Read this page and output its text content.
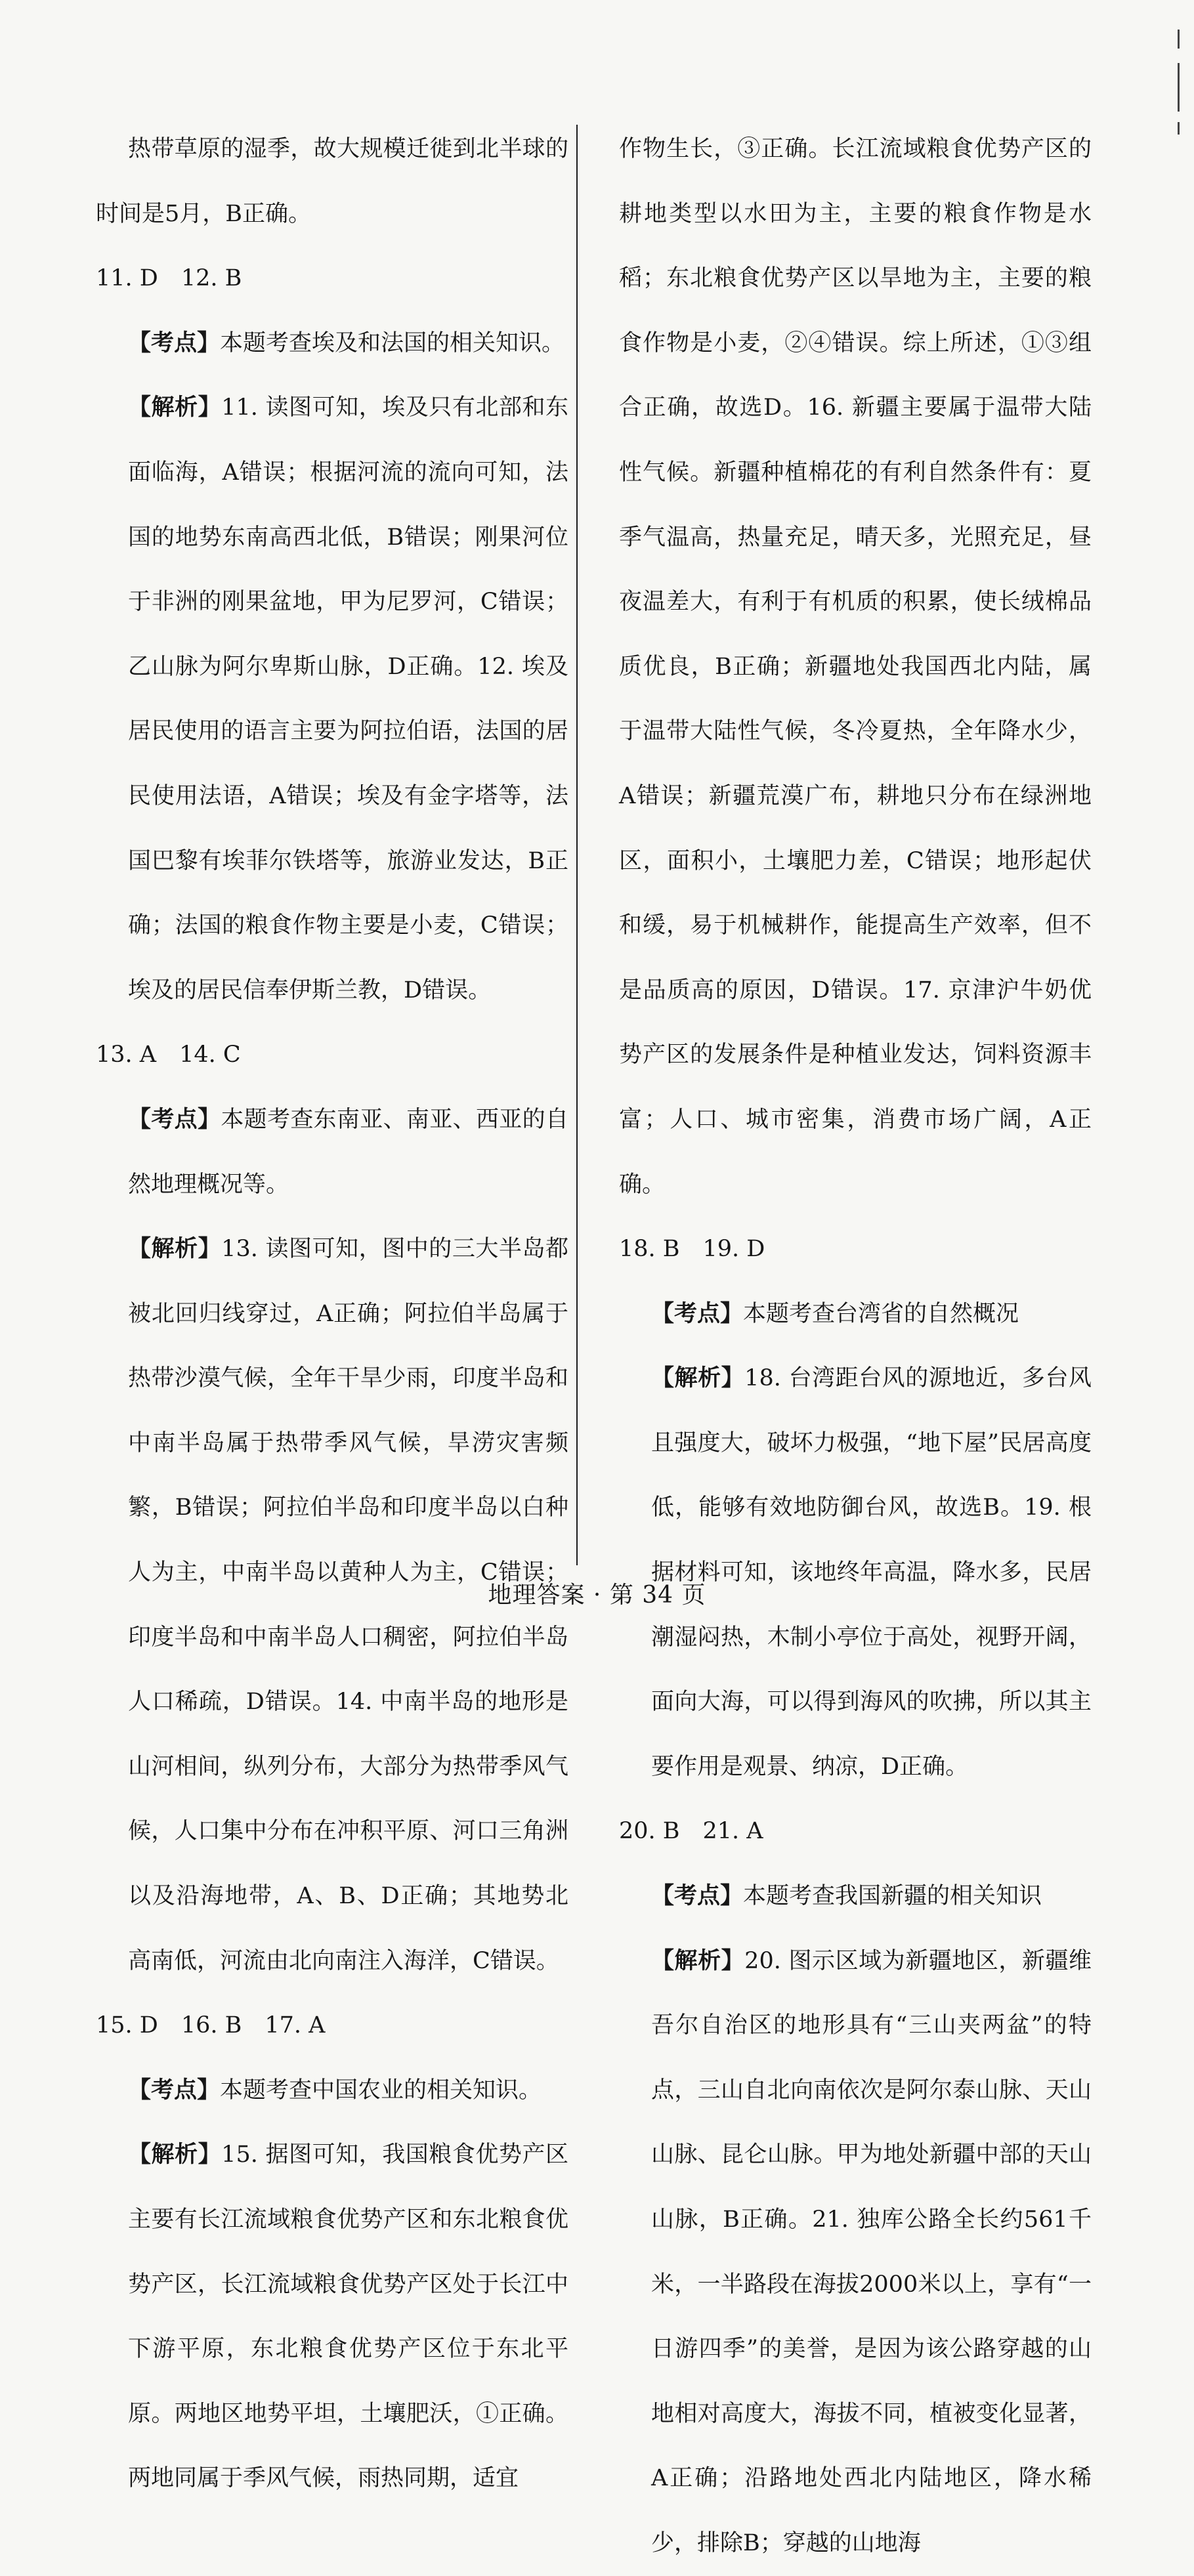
热带草原的湿季，故大规模迁徙到北半球的时间是5月，B正确。

11. D　12. B

【考点】本题考查埃及和法国的相关知识。

【解析】11. 读图可知，埃及只有北部和东面临海，A错误；根据河流的流向可知，法国的地势东南高西北低，B错误；刚果河位于非洲的刚果盆地，甲为尼罗河，C错误；乙山脉为阿尔卑斯山脉，D正确。12. 埃及居民使用的语言主要为阿拉伯语，法国的居民使用法语，A错误；埃及有金字塔等，法国巴黎有埃菲尔铁塔等，旅游业发达，B正确；法国的粮食作物主要是小麦，C错误；埃及的居民信奉伊斯兰教，D错误。

13. A　14. C

【考点】本题考查东南亚、南亚、西亚的自然地理概况等。

【解析】13. 读图可知，图中的三大半岛都被北回归线穿过，A正确；阿拉伯半岛属于热带沙漠气候，全年干旱少雨，印度半岛和中南半岛属于热带季风气候，旱涝灾害频繁，B错误；阿拉伯半岛和印度半岛以白种人为主，中南半岛以黄种人为主，C错误；印度半岛和中南半岛人口稠密，阿拉伯半岛人口稀疏，D错误。14. 中南半岛的地形是山河相间，纵列分布，大部分为热带季风气候，人口集中分布在冲积平原、河口三角洲以及沿海地带，A、B、D正确；其地势北高南低，河流由北向南注入海洋，C错误。

15. D　16. B　17. A

【考点】本题考查中国农业的相关知识。

【解析】15. 据图可知，我国粮食优势产区主要有长江流域粮食优势产区和东北粮食优势产区，长江流域粮食优势产区处于长江中下游平原，东北粮食优势产区位于东北平原。两地区地势平坦，土壤肥沃，①正确。两地同属于季风气候，雨热同期，适宜

作物生长，③正确。长江流域粮食优势产区的耕地类型以水田为主，主要的粮食作物是水稻；东北粮食优势产区以旱地为主，主要的粮食作物是小麦，②④错误。综上所述，①③组合正确，故选D。16. 新疆主要属于温带大陆性气候。新疆种植棉花的有利自然条件有：夏季气温高，热量充足，晴天多，光照充足，昼夜温差大，有利于有机质的积累，使长绒棉品质优良，B正确；新疆地处我国西北内陆，属于温带大陆性气候，冬冷夏热，全年降水少，A错误；新疆荒漠广布，耕地只分布在绿洲地区，面积小，土壤肥力差，C错误；地形起伏和缓，易于机械耕作，能提高生产效率，但不是品质高的原因，D错误。17. 京津沪牛奶优势产区的发展条件是种植业发达，饲料资源丰富；人口、城市密集，消费市场广阔，A正确。

18. B　19. D

【考点】本题考查台湾省的自然概况

【解析】18. 台湾距台风的源地近，多台风且强度大，破坏力极强，“地下屋”民居高度低，能够有效地防御台风，故选B。19. 根据材料可知，该地终年高温，降水多，民居潮湿闷热，木制小亭位于高处，视野开阔，面向大海，可以得到海风的吹拂，所以其主要作用是观景、纳凉，D正确。

20. B　21. A

【考点】本题考查我国新疆的相关知识

【解析】20. 图示区域为新疆地区，新疆维吾尔自治区的地形具有“三山夹两盆”的特点，三山自北向南依次是阿尔泰山脉、天山山脉、昆仑山脉。甲为地处新疆中部的天山山脉，B正确。21. 独库公路全长约561千米，一半路段在海拔2000米以上，享有“一日游四季”的美誉，是因为该公路穿越的山地相对高度大，海拔不同，植被变化显著，A正确；沿路地处西北内陆地区，降水稀少，排除B；穿越的山地海

地理答案 · 第 34 页
